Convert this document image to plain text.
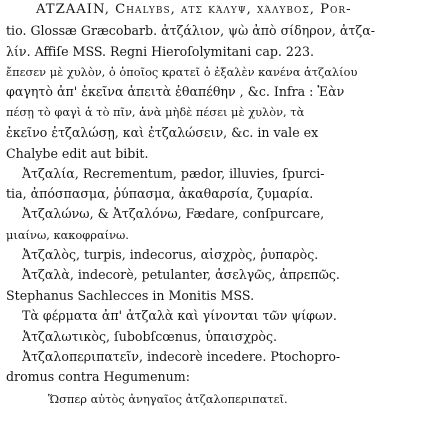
ATZAAIN, Chalybs, ατς κάλυψ, χάλυβος, Por-
tio. Glossæ Græcobarb. ἀτζάλιον, ψὼ ἀπὸ σίδηρον, ἀτζα-
λίν. Affiſe MSS. Regni Hieroſolymitani cap. 223.
ἔπεσεν μὲ χυλὸν, ὁ ὁποῖος κρατεῖ ὁ ἐξαλὲν κανένα ἀτζαλίου
φαγητὸ ἀπ' ἐκεῖνα ἀπειτὰ ἐθαπέθην , &c. Infra : Ἐὰν
πέσῃ τὸ φαγὶ ἀ τὸ πῖν, ἀνὰ μὴδὲ πέσει μὲ χυλὸν, τὰ
ἐκεῖνο ἐτζαλώσῃ, καὶ ἐτζαλώσειν, &c. in vale ex
Chalybe edit aut bibit.
Ἀτζαλία, Recrementum, pædor, illuvies, ſpurci-
tia, ἀπόσπασμα, ῥύπασμα, ἀκαθαρσία, ζυμαρία.
Ἀτζαλώνω, & Ἀτζαλόνω, Fædare, conſpurcare,
μιαίνω, κακοφραίνω.
Ἀτζαλὸς, turpis, indecorus, αἰσχρὸς, ῥυπαρὸς.
Ἀτζαλὰ, indecorè, petulanter, ἀσελγῶς, ἀπρεπῶς.
Stephanus Sachlecces in Monitis MSS.
Τὰ φέρματα ἀπ' ἀτζαλὰ καὶ γίνονται τῶν ψίφων.
Ἀτζαλωτικὸς, ſubobſcœnus, ὑπαισχρὸς.
Ἀτζαλοπεριπατεῖν, indecorè incedere. Ptochopro-
dromus contra Hegumenum:
Ὥσπερ αὐτὸς ἀνηγαῖος ἀτζαλοπεριπατεῖ.
